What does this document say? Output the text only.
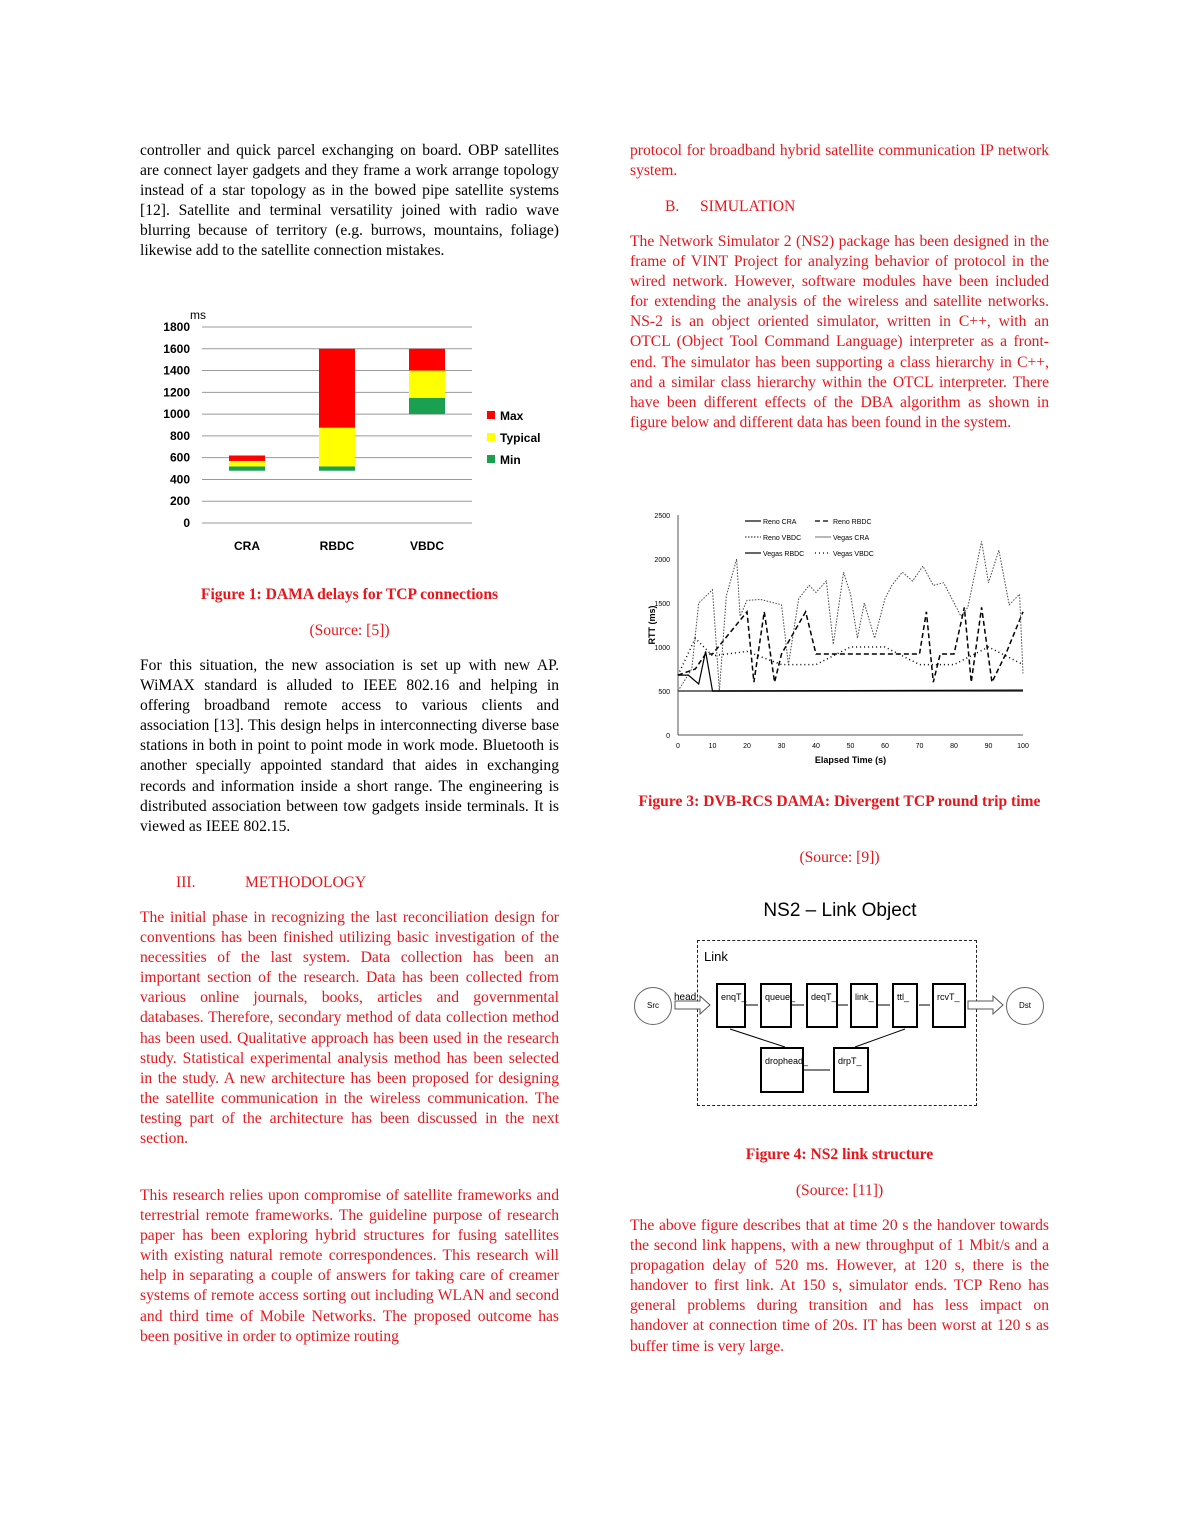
controller and quick parcel exchanging on board. OBP satellites are connect layer gadgets and they frame a work arrange topology instead of a star topology as in the bowed pipe satellite systems [12]. Satellite and terminal versatility joined with radio wave blurring because of territory (e.g. burrows, mountains, foliage) likewise add to the satellite connection mistakes.

0
200
400
600
800
1000
1200
1400
1600
1800
ms
CRA	RBDC	VBDC
Max
Typical
Min
Figure 1: DAMA delays for TCP connections
(Source: [5])

For this situation, the new association is set up with new AP. WiMAX standard is alluded to IEEE 802.16 and helping in offering broadband remote access to various clients and association [13]. This design helps in interconnecting diverse base stations in both in point to point mode in work mode. Bluetooth is another specially appointed standard that aides in exchanging records and information inside a short range. The engineering is distributed association between tow gadgets inside terminals. It is viewed as IEEE 802.15.

III.	METHODOLOGY

The initial phase in recognizing the last reconciliation design for conventions has been finished utilizing basic investigation of the necessities of the last system. Data collection has been an important section of the research. Data has been collected from various online journals, books, articles and governmental databases. Therefore, secondary method of data collection method has been used. Qualitative approach has been used in the research study. Statistical experimental analysis method has been selected in the study. A new architecture has been proposed for designing the satellite communication in the wireless communication. The testing part of the architecture has been discussed in the next section.

This research relies upon compromise of satellite frameworks and terrestrial remote frameworks. The guideline purpose of research paper has been exploring hybrid structures for fusing satellites with existing natural remote correspondences. This research will help in separating a couple of answers for taking care of creamer systems of remote access sorting out including WLAN and second and third time of Mobile Networks. The proposed outcome has been positive in order to optimize routing

protocol for broadband hybrid satellite communication IP network system.

B. SIMULATION

The Network Simulator 2 (NS2) package has been designed in the frame of VINT Project for analyzing behavior of protocol in the wired network. However, software modules have been included for extending the analysis of the wireless and satellite networks. NS-2 is an object oriented simulator, written in C++, with an OTCL (Object Tool Command Language) interpreter as a front-end. The simulator has been supporting a class hierarchy in C++, and a similar class hierarchy within the OTCL interpreter. There have been different effects of the DBA algorithm as shown in figure below and different data has been found in the system.

0
500
1000
1500
2000
2500
0	10	20	30	40	50	60	70	80	90	100
Elapsed Time (s)
RTT (ms)
Reno CRA	Reno RBDC
Reno VBDC	Vegas CRA
Vegas RBDC	Vegas VBDC
Figure 3: DVB-RCS DAMA: Divergent TCP round trip time
(Source: [9])
NS2 – Link Object
Link
Src	Dst
head	enqT_	queue_	deqT_	link_	ttl_	rcvT_
drophead_	drpT_
Figure 4: NS2 link structure
(Source: [11])

The above figure describes that at time 20 s the handover towards the second link happens, with a new throughput of 1 Mbit/s and a propagation delay of 520 ms. However, at 120 s, there is the handover to first link. At 150 s, simulator ends. TCP Reno has general problems during transition and has less impact on handover at connection time of 20s. IT has been worst at 120 s as buffer time is very large.
